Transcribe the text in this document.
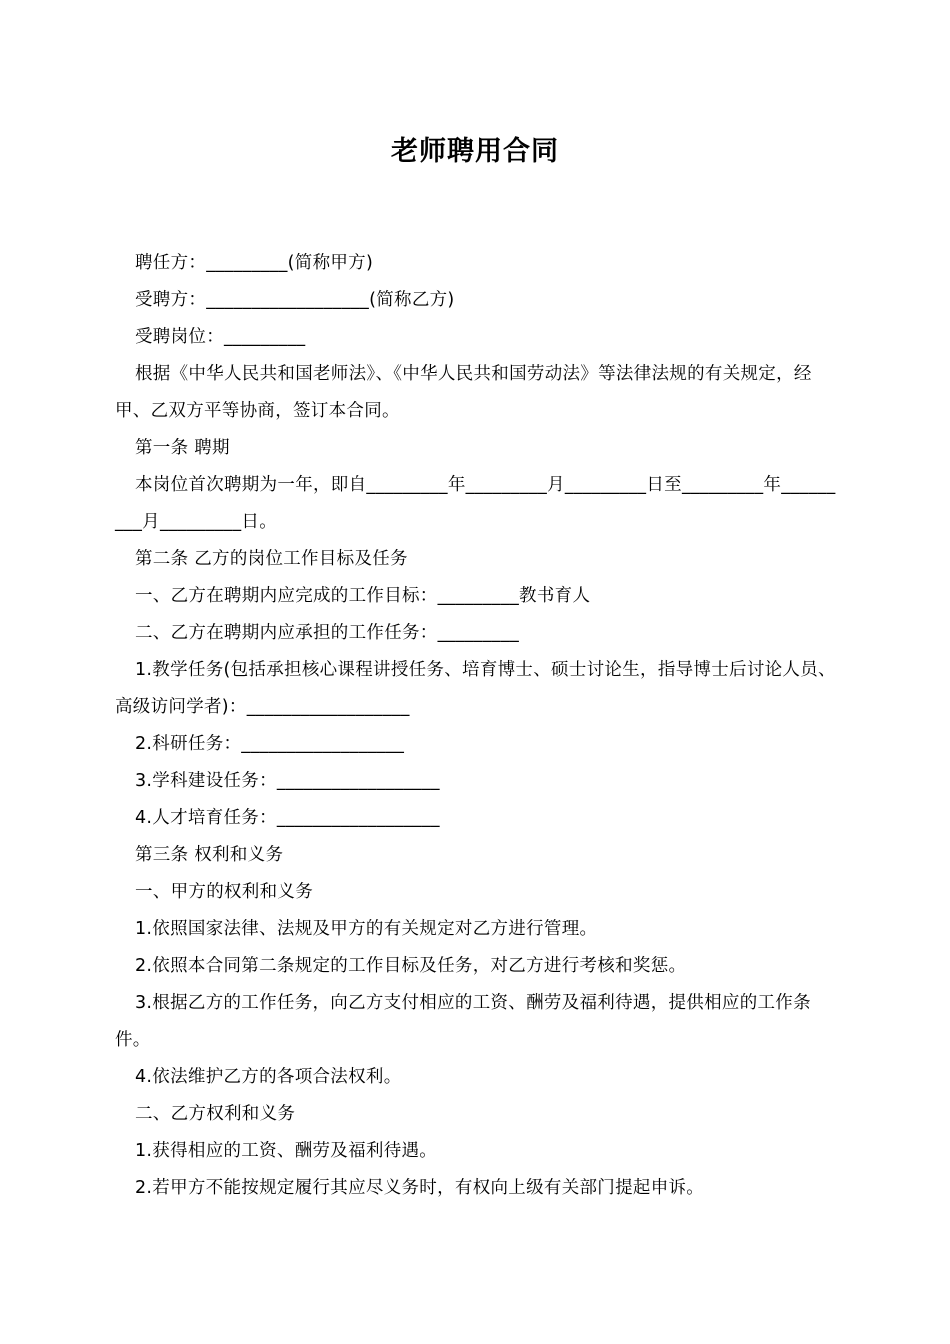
老师聘用合同

聘任方：_________(简称甲方)

受聘方：__________________(简称乙方)

受聘岗位：_________

根据《中华人民共和国老师法》、《中华人民共和国劳动法》等法律法规的有关规定，经甲、乙双方平等协商，签订本合同。

第一条 聘期

本岗位首次聘期为一年，即自_________年_________月_________日至_________年_________月_________日。

第二条 乙方的岗位工作目标及任务

一、乙方在聘期内应完成的工作目标：_________教书育人

二、乙方在聘期内应承担的工作任务：_________

1.教学任务(包括承担核心课程讲授任务、培育博士、硕士讨论生，指导博士后讨论人员、高级访问学者)：__________________

2.科研任务：__________________

3.学科建设任务：__________________

4.人才培育任务：__________________

第三条 权利和义务

一、甲方的权利和义务

1.依照国家法律、法规及甲方的有关规定对乙方进行管理。

2.依照本合同第二条规定的工作目标及任务，对乙方进行考核和奖惩。

3.根据乙方的工作任务，向乙方支付相应的工资、酬劳及福利待遇，提供相应的工作条件。

4.依法维护乙方的各项合法权利。

二、乙方权利和义务

1.获得相应的工资、酬劳及福利待遇。

2.若甲方不能按规定履行其应尽义务时，有权向上级有关部门提起申诉。
